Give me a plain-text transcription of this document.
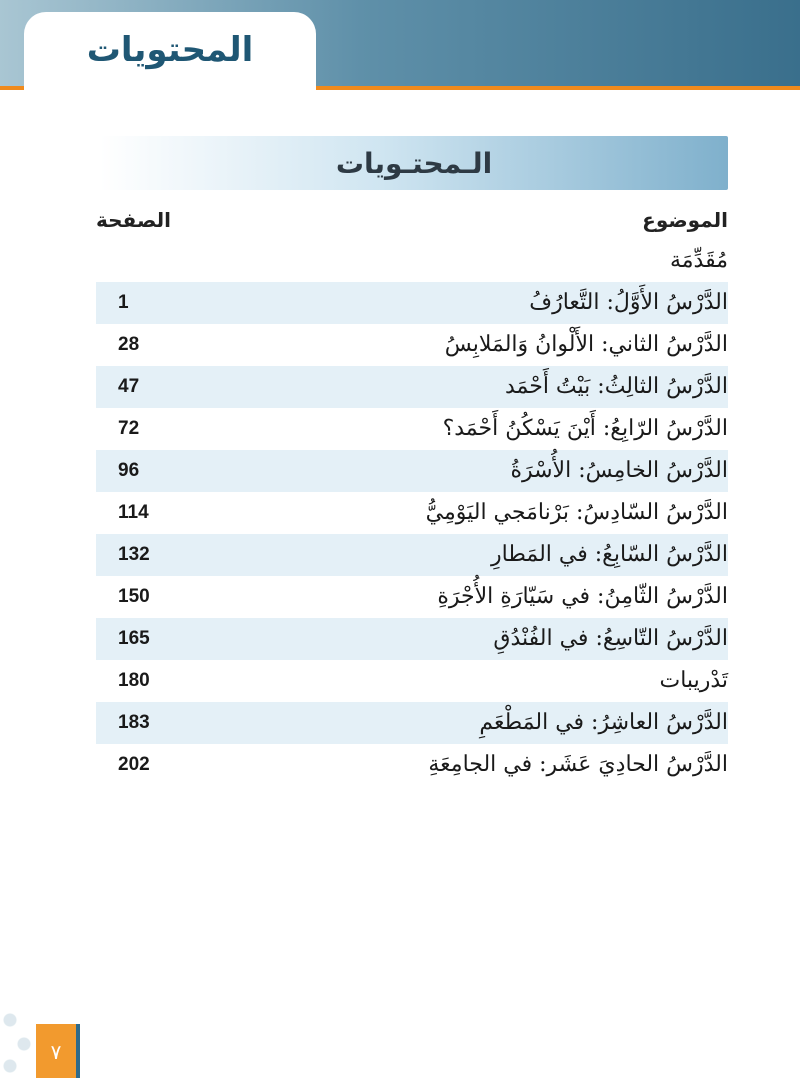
المحتويات
الـمحتـويات
الموضوع
الصفحة
مُقَدِّمَة
الدَّرْسُ الأَوَّلُ: التَّعارُفُ
1
الدَّرْسُ الثاني: الأَلْوانُ وَالمَلابِسُ
28
الدَّرْسُ الثالِثُ: بَيْتُ أَحْمَد
47
الدَّرْسُ الرّابِعُ: أَيْنَ يَسْكُنُ أَحْمَد؟
72
الدَّرْسُ الخامِسُ: الأُسْرَةُ
96
الدَّرْسُ السّادِسُ: بَرْنامَجي اليَوْمِيُّ
114
الدَّرْسُ السّابِعُ: في المَطارِ
132
الدَّرْسُ الثّامِنُ: في سَيّارَةِ الأُجْرَةِ
150
الدَّرْسُ التّاسِعُ: في الفُنْدُقِ
165
تَدْريبات
180
الدَّرْسُ العاشِرُ: في المَطْعَمِ
183
الدَّرْسُ الحادِيَ عَشَر: في الجامِعَةِ
202
٧
